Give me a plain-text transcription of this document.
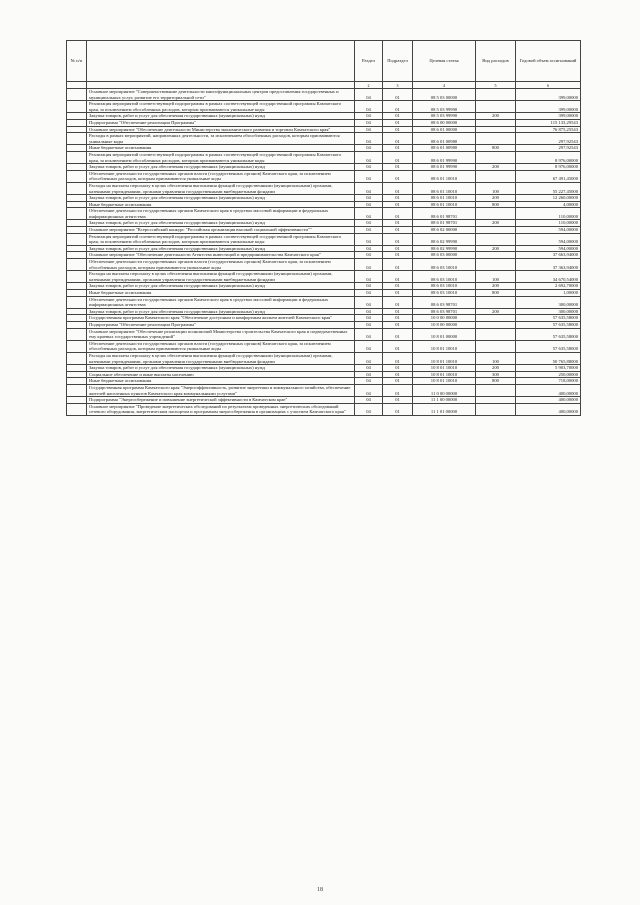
№ п/п		Раздел	Подраздел	Целевая статья	Вид расходов	Годовой объем ассигнований
		2	3	4	5	6
	Основное мероприятие "Совершенствование деятельности многофункциональных центров предоставления государственных и муниципальных услуг, развитие его территориальной сети"	04	01	08 5 03 00000		399,00000
	Реализация мероприятий соответствующей подпрограммы в рамках соответствующей государственной программы Камчатского края, за исключением обособленных расходов, которым присваиваются уникальные коды	04	01	08 5 03 99990		399,00000
	Закупка товаров, работ и услуг для обеспечения государственных (муниципальных) нужд	04	01	08 5 03 99990	200	399,00000
	Подпрограмма "Обеспечение реализации Программы"	04	01	08 6 00 00000		115 133,29543
	Основное мероприятие "Обеспечение деятельности Министерства экономического развития и торговли Камчатского края"	04	01	08 6 01 00000		76 875,25543
	Расходы в рамках мероприятий, направленных деятельности, за исключением обособленных расходов, которым присваиваются уникальные коды	04	01	08 6 01 00980		297,92543
	Иные бюджетные ассигнования	04	01	08 6 01 00980	800	297,92543
	Реализация мероприятий соответствующей подпрограммы в рамках соответствующей государственной программы Камчатского края, за исключением обособленных расходов, которым присваиваются уникальные коды	04	01	08 6 01 99990		8 976,00000
	Закупка товаров, работ и услуг для обеспечения государственных (муниципальных) нужд	04	01	08 6 01 99990	200	8 976,00000
	Обеспечение деятельности государственных органов власти (государственных органов) Камчатского края, за исключением обособленных расходов, которым присваиваются уникальные коды	04	01	08 6 01 10010		67 491,45000
	Расходы на выплаты персоналу в целях обеспечения выполнения функций государственными (муниципальными) органами, казенными учреждениями, органами управления государственными внебюджетными фондами	04	01	08 6 01 10010	100	55 227,45000
	Закупка товаров, работ и услуг для обеспечения государственных (муниципальных) нужд	04	01	08 6 01 10010	200	12 260,00000
	Иные бюджетные ассигнования	04	01	08 6 01 10010	800	4,00000
	Обеспечение деятельности государственных органов Камчатского края в средствах массовой информации и федеральных информационных агентствах	04	01	08 6 01 98701		110,00000
	Закупка товаров, работ и услуг для обеспечения государственных (муниципальных) нужд	04	01	08 6 01 98701	200	110,00000
	Основное мероприятие "Всероссийский конкурс "Российская организация высокой социальной эффективности""	04	01	08 6 02 00000		594,00000
	Реализация мероприятий соответствующей подпрограммы в рамках соответствующей государственной программы Камчатского края, за исключением обособленных расходов, которым присваиваются уникальные коды	04	01	08 6 02 99990		594,00000
	Закупка товаров, работ и услуг для обеспечения государственных (муниципальных) нужд	04	01	08 6 02 99990	200	594,00000
	Основное мероприятие "Обеспечение деятельности Агентства инвестиций и предпринимательства Камчатского края"	04	01	08 6 03 00000		37 663,94000
	Обеспечение деятельности государственных органов власти (государственных органов) Камчатского края, за исключением обособленных расходов, которым присваиваются уникальные коды	04	01	08 6 03 10010		37 363,94000
	Расходы на выплаты персоналу в целях обеспечения выполнения функций государственными (муниципальными) органами, казенными учреждениями, органами управления государственными внебюджетными фондами	04	01	08 6 03 10010	100	34 670,54000
	Закупка товаров, работ и услуг для обеспечения государственных (муниципальных) нужд	04	01	08 6 03 10010	200	2 692,70000
	Иные бюджетные ассигнования	04	01	08 6 03 10010	800	1,00000
	Обеспечение деятельности государственных органов Камчатского края в средствах массовой информации и федеральных информационных агентствах	04	01	08 6 03 98701		300,00000
	Закупка товаров, работ и услуг для обеспечения государственных (муниципальных) нужд	04	01	08 6 03 98701	200	300,00000
	Государственная программа Камчатского края "Обеспечение доступным и комфортным жильем жителей Камчатского края"	04	01	10 0 00 00000		57 635,58000
	Подпрограмма "Обеспечение реализации Программы"	04	01	10 8 00 00000		57 635,58000
	Основное мероприятие "Обеспечение реализации полномочий Министерства строительства Камчатского края и подведомственных ему краевых государственных учреждений"	04	01	10 8 01 00000		57 635,58000
	Обеспечение деятельности государственных органов власти (государственных органов) Камчатского края, за исключением обособленных расходов, которым присваиваются уникальные коды	04	01	10 8 01 10010		57 635,58000
	Расходы на выплаты персоналу в целях обеспечения выполнения функций государственными (муниципальными) органами, казенными учреждениями, органами управления государственными внебюджетными фондами	04	01	10 8 01 10010	100	50 765,88000
	Закупка товаров, работ и услуг для обеспечения государственных (муниципальных) нужд	04	01	10 8 01 10010	200	5 903,70000
	Социальное обеспечение и иные выплаты населению	04	01	10 8 01 10010	300	250,00000
	Иные бюджетные ассигнования	04	01	10 8 01 10010	800	718,00000
	Государственная программа Камчатского края "Энергоэффективность, развитие энергетики и коммунального хозяйства, обеспечение жителей населенных пунктов Камчатского края коммунальными услугами"	04	01	11 0 00 00000		400,00000
	Подпрограмма "Энергосбережение и повышение энергетической эффективности в Камчатском крае"	04	01	11 1 00 00000		400,00000
	Основное мероприятие "Проведение энергетических обследований по результатам проведенных энергетических обследований сетевого оборудования, энергетическим паспортам и программам энергосбережения в организациях с участием Камчатского края"	04	01	11 1 01 00000		400,00000
18
